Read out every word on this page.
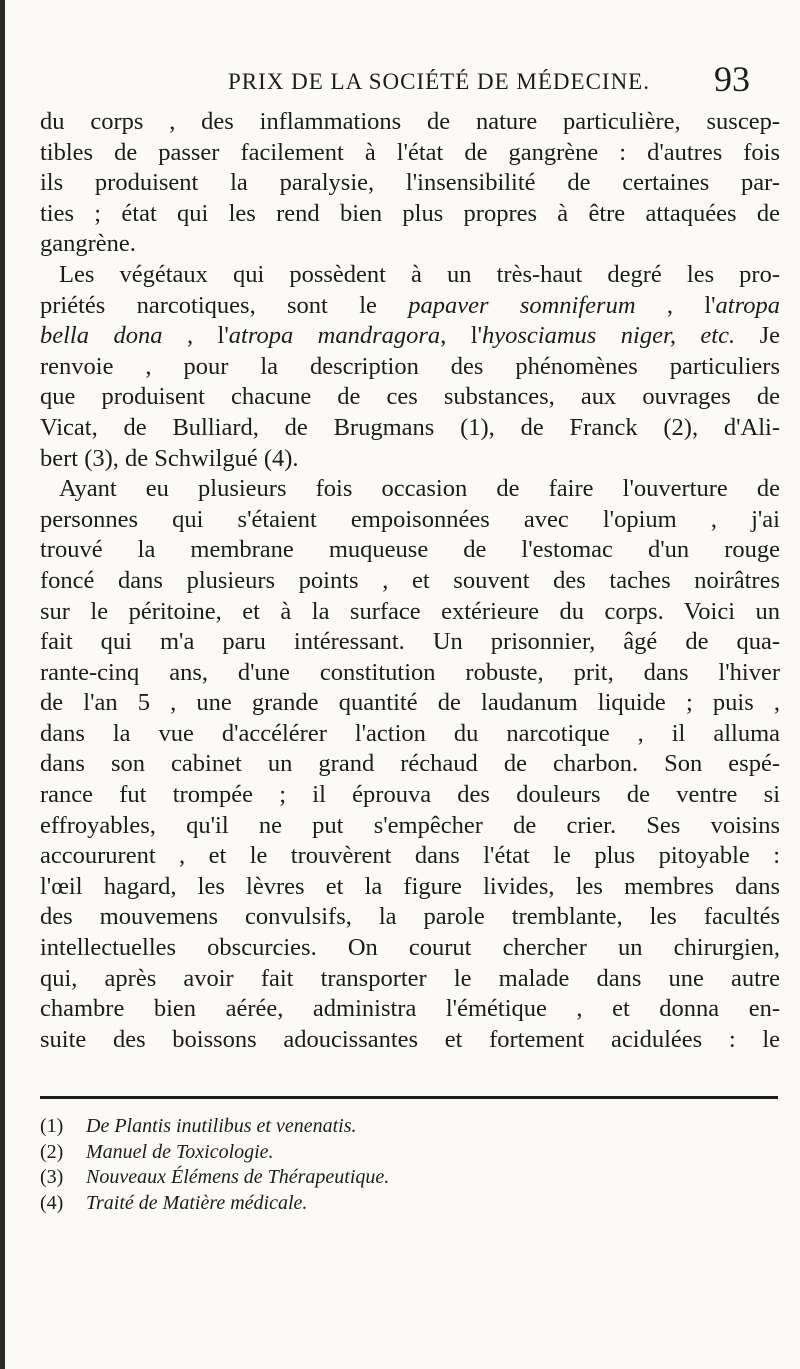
PRIX DE LA SOCIÉTÉ DE MÉDECINE.	93
du corps , des inflammations de nature particulière, suscep-
tibles de passer facilement à l'état de gangrène : d'autres fois
ils produisent la paralysie, l'insensibilité de certaines par-
ties ; état qui les rend bien plus propres à être attaquées de
gangrène.
Les végétaux qui possèdent à un très-haut degré les pro-
priétés narcotiques, sont le papaver somniferum , l'atropa
bella dona , l'atropa mandragora, l'hyosciamus niger, etc. Je
renvoie , pour la description des phénomènes particuliers
que produisent chacune de ces substances, aux ouvrages de
Vicat, de Bulliard, de Brugmans (1), de Franck (2), d'Ali-
bert (3), de Schwilgué (4).
Ayant eu plusieurs fois occasion de faire l'ouverture de
personnes qui s'étaient empoisonnées avec l'opium , j'ai
trouvé la membrane muqueuse de l'estomac d'un rouge
foncé dans plusieurs points , et souvent des taches noirâtres
sur le péritoine, et à la surface extérieure du corps. Voici un
fait qui m'a paru intéressant. Un prisonnier, âgé de qua-
rante-cinq ans, d'une constitution robuste, prit, dans l'hiver
de l'an 5 , une grande quantité de laudanum liquide ; puis ,
dans la vue d'accélérer l'action du narcotique , il alluma
dans son cabinet un grand réchaud de charbon. Son espé-
rance fut trompée ; il éprouva des douleurs de ventre si
effroyables, qu'il ne put s'empêcher de crier. Ses voisins
accoururent , et le trouvèrent dans l'état le plus pitoyable :
l'œil hagard, les lèvres et la figure livides, les membres dans
des mouvemens convulsifs, la parole tremblante, les facultés
intellectuelles obscurcies. On courut chercher un chirurgien,
qui, après avoir fait transporter le malade dans une autre
chambre bien aérée, administra l'émétique , et donna en-
suite des boissons adoucissantes et fortement acidulées : le
(1) De Plantis inutilibus et venenatis.
(2) Manuel de Toxicologie.
(3) Nouveaux Élémens de Thérapeutique.
(4) Traité de Matière médicale.
